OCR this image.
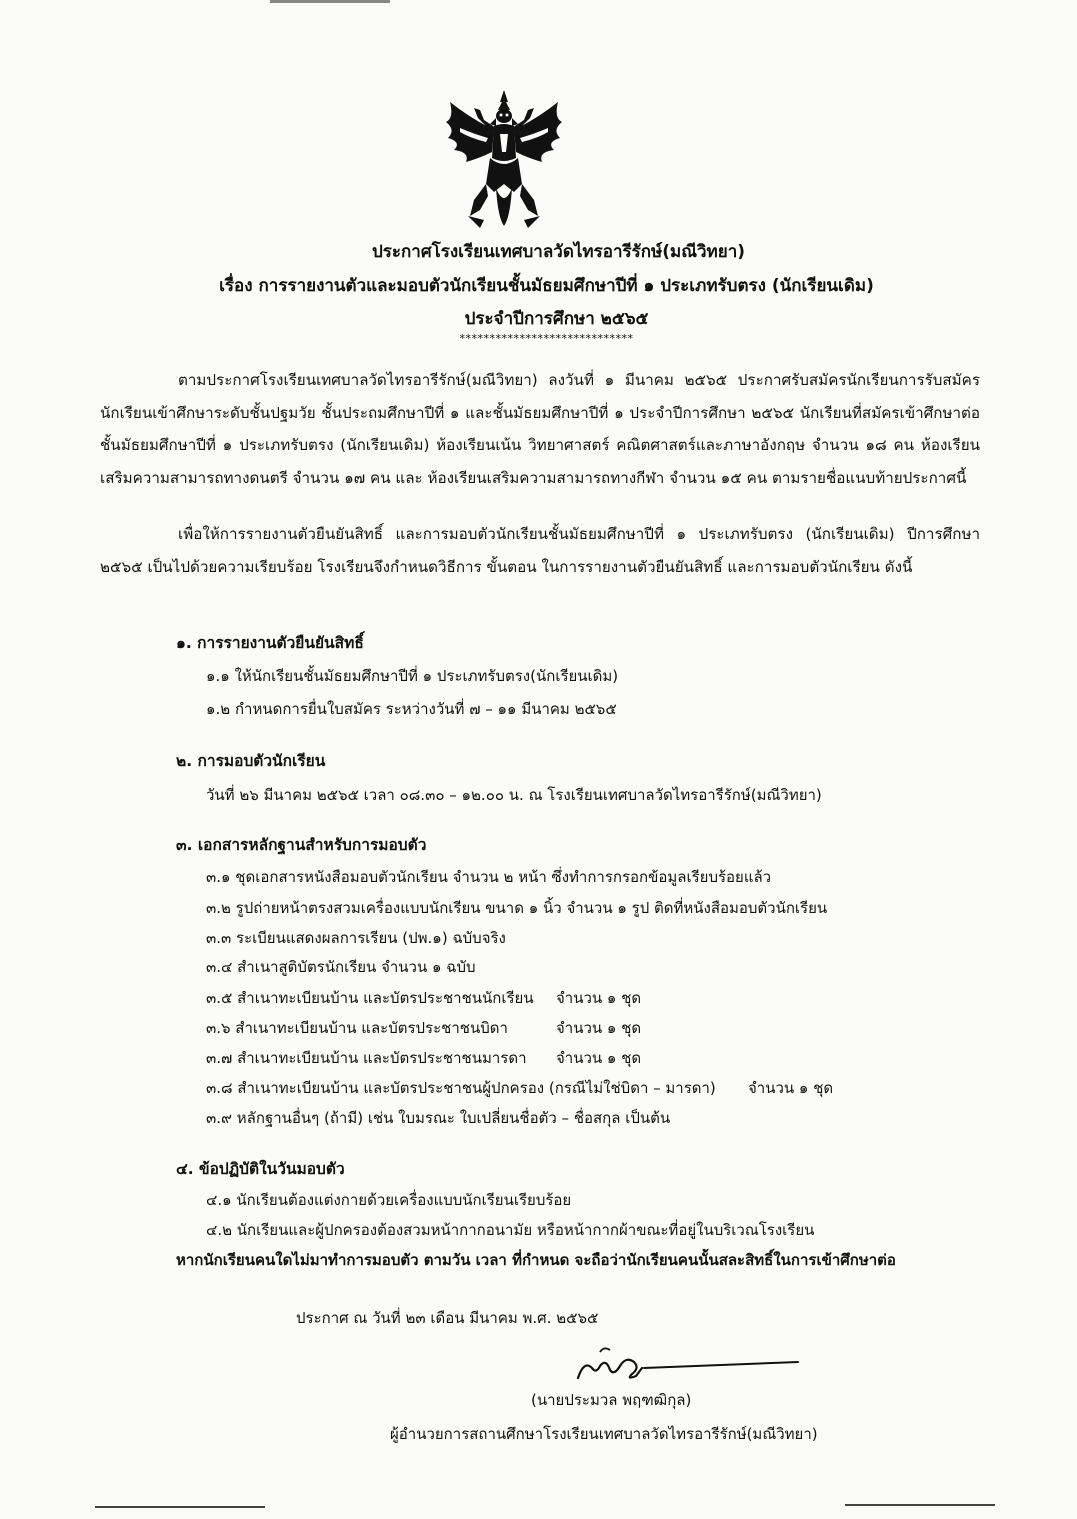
ประกาศโรงเรียนเทศบาลวัดไทรอารีรักษ์(มณีวิทยา)
เรื่อง การรายงานตัวและมอบตัวนักเรียนชั้นมัธยมศึกษาปีที่ ๑ ประเภทรับตรง (นักเรียนเดิม)
ประจำปีการศึกษา ๒๕๖๕
*****************************
ตามประกาศโรงเรียนเทศบาลวัดไทรอารีรักษ์(มณีวิทยา) ลงวันที่ ๑ มีนาคม ๒๕๖๕ ประกาศรับสมัครนักเรียนการรับสมัครนักเรียนเข้าศึกษาระดับชั้นปฐมวัย ชั้นประถมศึกษาปีที่ ๑ และชั้นมัธยมศึกษาปีที่ ๑ ประจำปีการศึกษา ๒๕๖๕ นักเรียนที่สมัครเข้าศึกษาต่อชั้นมัธยมศึกษาปีที่ ๑ ประเภทรับตรง (นักเรียนเดิม) ห้องเรียนเน้น วิทยาศาสตร์ คณิตศาสตร์และภาษาอังกฤษ จำนวน ๑๘ คน ห้องเรียนเสริมความสามารถทางดนตรี จำนวน ๑๗ คน และ ห้องเรียนเสริมความสามารถทางกีฬา จำนวน ๑๕ คน ตามรายชื่อแนบท้ายประกาศนี้
เพื่อให้การรายงานตัวยืนยันสิทธิ์ และการมอบตัวนักเรียนชั้นมัธยมศึกษาปีที่ ๑ ประเภทรับตรง (นักเรียนเดิม) ปีการศึกษา ๒๕๖๕ เป็นไปด้วยความเรียบร้อย โรงเรียนจึงกำหนดวิธีการ ขั้นตอน ในการรายงานตัวยืนยันสิทธิ์ และการมอบตัวนักเรียน ดังนี้
๑. การรายงานตัวยืนยันสิทธิ์
๑.๑ ให้นักเรียนชั้นมัธยมศึกษาปีที่ ๑ ประเภทรับตรง(นักเรียนเดิม)
๑.๒ กำหนดการยื่นใบสมัคร ระหว่างวันที่ ๗ – ๑๑ มีนาคม ๒๕๖๕
๒. การมอบตัวนักเรียน
วันที่ ๒๖ มีนาคม ๒๕๖๕ เวลา ๐๘.๓๐ – ๑๒.๐๐ น. ณ โรงเรียนเทศบาลวัดไทรอารีรักษ์(มณีวิทยา)
๓. เอกสารหลักฐานสำหรับการมอบตัว
๓.๑ ชุดเอกสารหนังสือมอบตัวนักเรียน จำนวน ๒ หน้า ซึ่งทำการกรอกข้อมูลเรียบร้อยแล้ว
๓.๒ รูปถ่ายหน้าตรงสวมเครื่องแบบนักเรียน ขนาด ๑ นิ้ว จำนวน ๑ รูป ติดที่หนังสือมอบตัวนักเรียน
๓.๓ ระเบียนแสดงผลการเรียน (ปพ.๑) ฉบับจริง
๓.๔ สำเนาสูติบัตรนักเรียน จำนวน ๑ ฉบับ
๓.๕ สำเนาทะเบียนบ้าน และบัตรประชาชนนักเรียน จำนวน ๑ ชุด
๓.๖ สำเนาทะเบียนบ้าน และบัตรประชาชนบิดา	จำนวน ๑ ชุด
๓.๗ สำเนาทะเบียนบ้าน และบัตรประชาชนมารดา จำนวน ๑ ชุด
๓.๘ สำเนาทะเบียนบ้าน และบัตรประชาชนผู้ปกครอง (กรณีไม่ใช่บิดา – มารดา) จำนวน ๑ ชุด
๓.๙ หลักฐานอื่นๆ (ถ้ามี) เช่น ใบมรณะ ใบเปลี่ยนชื่อตัว – ชื่อสกุล เป็นต้น
๔. ข้อปฏิบัติในวันมอบตัว
๔.๑ นักเรียนต้องแต่งกายด้วยเครื่องแบบนักเรียนเรียบร้อย
๔.๒ นักเรียนและผู้ปกครองต้องสวมหน้ากากอนามัย หรือหน้ากากผ้าขณะที่อยู่ในบริเวณโรงเรียน
หากนักเรียนคนใดไม่มาทำการมอบตัว ตามวัน เวลา ที่กำหนด จะถือว่านักเรียนคนนั้นสละสิทธิ์ในการเข้าศึกษาต่อ
ประกาศ ณ วันที่ ๒๓ เดือน มีนาคม พ.ศ. ๒๕๖๕
(นายประมวล พฤฑฒิกุล)
ผู้อำนวยการสถานศึกษาโรงเรียนเทศบาลวัดไทรอารีรักษ์(มณีวิทยา)
